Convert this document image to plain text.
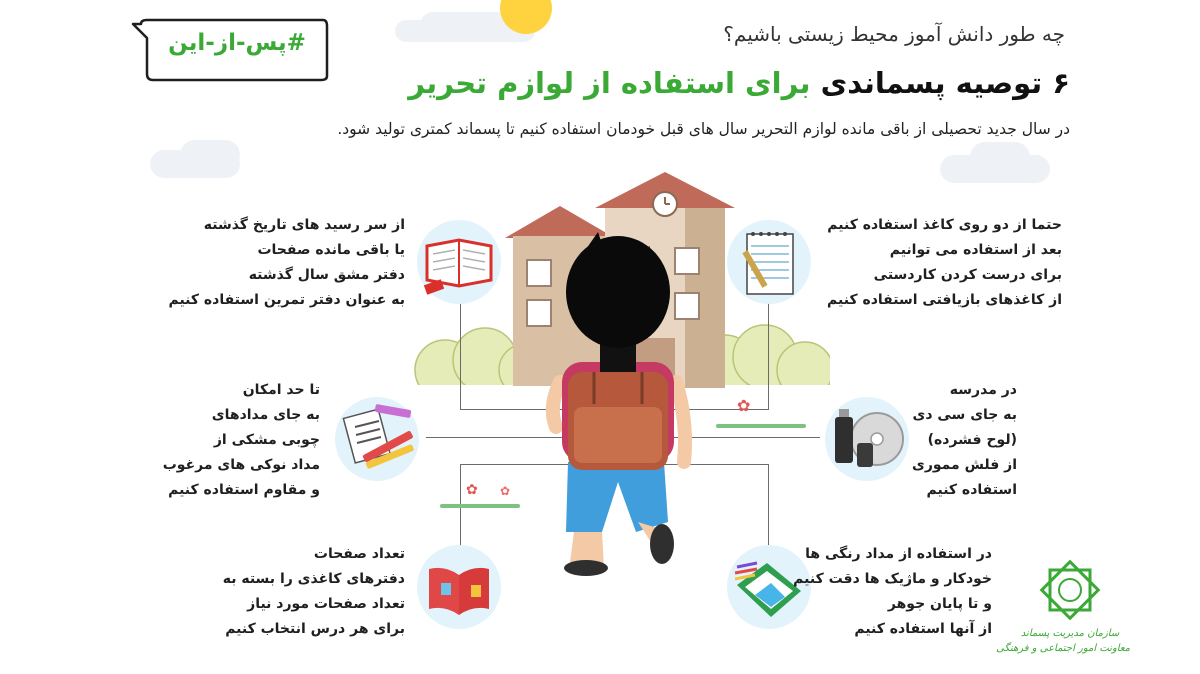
#پس-از-این	چه طور دانش آموز محیط زیستی باشیم؟
۶ توصیه پسماندی برای استفاده از لوازم تحریر
در سال جدید تحصیلی از باقی مانده لوازم التحریر سال های قبل خودمان استفاده کنیم تا پسماند کمتری تولید شود.
✿
✿ ✿
از سر رسید های تاریخ گذشته
یا باقی مانده صفحات
دفتر مشق سال گذشته
به عنوان دفتر تمرین استفاده کنیم
تا حد امکان
به جای مدادهای
چوبی مشکی از
مداد نوکی های مرغوب
و مقاوم استفاده کنیم
تعداد صفحات
دفترهای کاغذی را بسته به
تعداد صفحات مورد نیاز
برای هر درس انتخاب کنیم
حتما از دو روی کاغذ استفاده کنیم
بعد از استفاده می توانیم
برای درست کردن کاردستی
از کاغذهای بازیافتی استفاده کنیم
در مدرسه
به جای سی دی
(لوح فشرده)
از فلش مموری
استفاده کنیم
در استفاده از مداد رنگی ها
خودکار و ماژیک ها دقت کنیم
و تا پایان جوهر
از آنها استفاده کنیم	سازمان مدیریت پسماند
معاونت امور اجتماعی و فرهنگی
